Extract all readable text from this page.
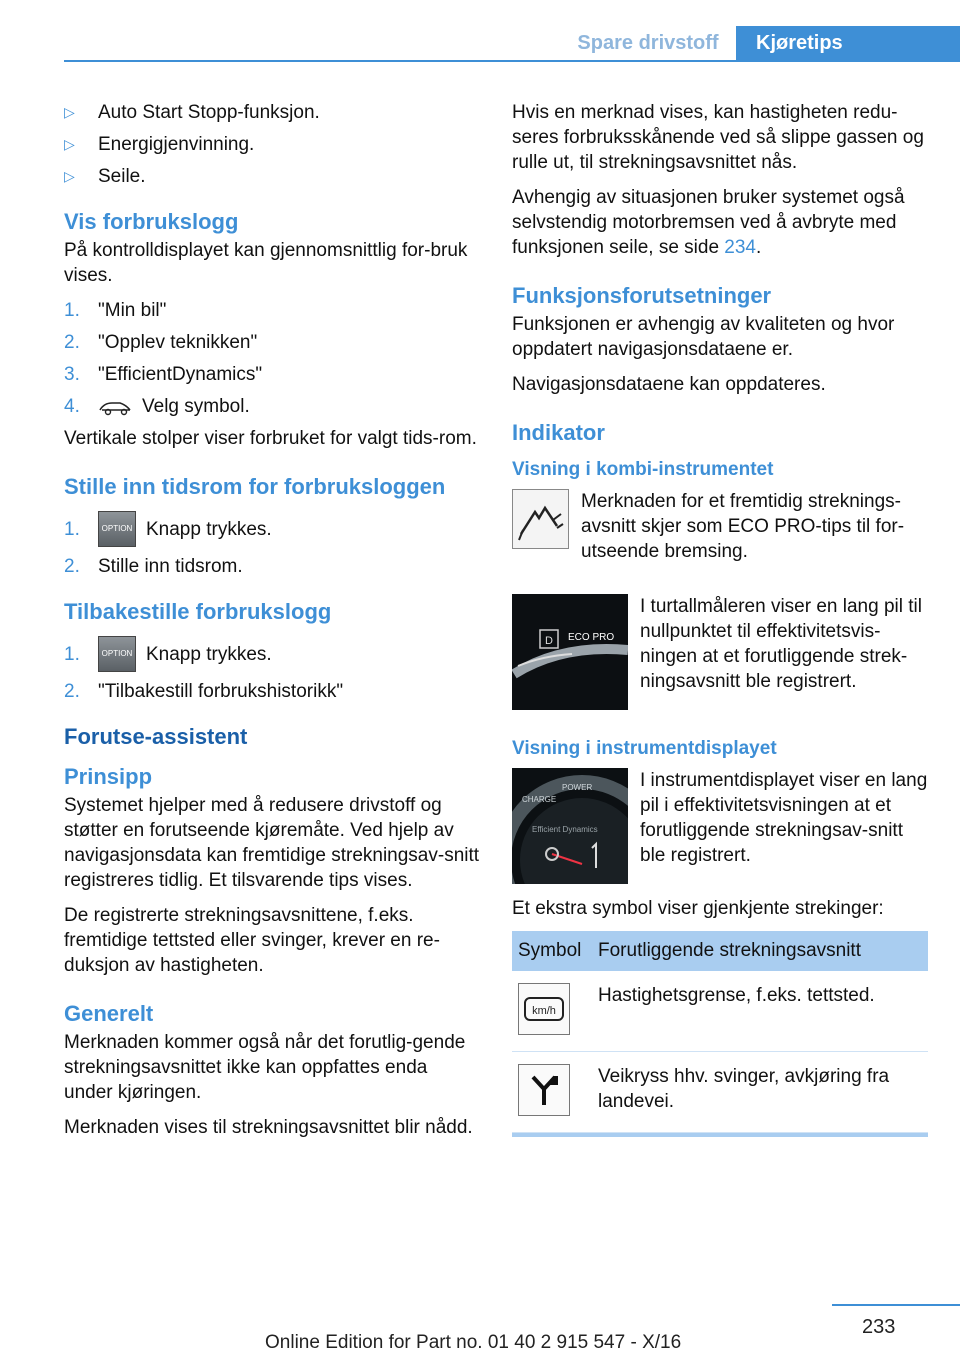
Spare drivstoff	Kjøretips
▷	Auto Start Stopp-funksjon.
▷	Energigjenvinning.
▷	Seile.
Vis forbrukslogg

På kontrolldisplayet kan gjennomsnittlig for-bruk vises.

1. "Min bil"
2. "Opplev teknikken"
3. "EfficientDynamics"
4.	Velg symbol.

Vertikale stolper viser forbruket for valgt tids-rom.

Stille inn tidsrom for forbruksloggen
1.	OPTION Knapp trykkes.
2. Stille inn tidsrom.
Tilbakestille forbrukslogg
1.	OPTION Knapp trykkes.
2. "Tilbakestill forbrukshistorikk"
Forutse-assistent
Prinsipp

Systemet hjelper med å redusere drivstoff og støtter en forutseende kjøremåte. Ved hjelp av navigasjonsdata kan fremtidige strekningsav-snitt registreres tidlig. Et tilsvarende tips vises.

De registrerte strekningsavsnittene, f.eks. fremtidige tettsted eller svinger, krever en re-duksjon av hastigheten.

Generelt

Merknaden kommer også når det forutlig-gende strekningsavsnittet ikke kan oppfattes enda under kjøringen.

Merknaden vises til strekningsavsnittet blir nådd.

Hvis en merknad vises, kan hastigheten redu-seres forbruksskånende ved så slippe gassen og rulle ut, til strekningsavsnittet nås.

Avhengig av situasjonen bruker systemet også selvstendig motorbremsen ved å avbryte med funksjonen seile, se side 234.

Funksjonsforutsetninger

Funksjonen er avhengig av kvaliteten og hvor oppdatert navigasjonsdataene er.

Navigasjonsdataene kan oppdateres.

Indikator
Visning i kombi-instrumentet

Merknaden for et fremtidig streknings-avsnitt skjer som ECO PRO-tips til for-utseende bremsing.

D ECO PRO

I turtallmåleren viser en lang pil til nullpunktet til effektivitetsvis-ningen at et forutliggende strek-ningsavsnitt ble registrert.

Visning i instrumentdisplayet
CHARGE
POWER
Efficient Dynamics

I instrumentdisplayet viser en lang pil i effektivitetsvisningen at et forutliggende strekningsav-snitt ble registrert.

Et ekstra symbol viser gjenkjente strekinger:

Symbol	Forutliggende strekningsavsnitt

km/h	Hastighetsgrense, f.eks. tettsted.

	Veikryss hhv. svinger, avkjøring fra landevei.
233
Online Edition for Part no. 01 40 2 915 547 - X/16
